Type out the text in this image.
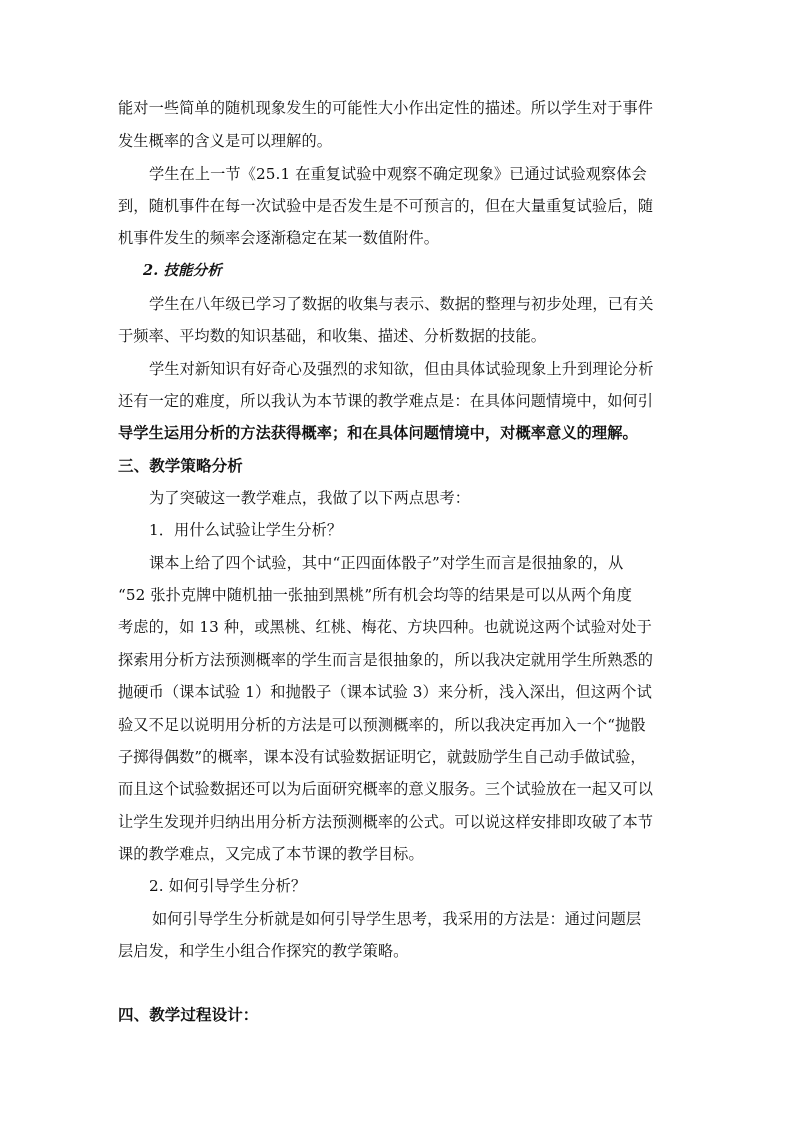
能对一些简单的随机现象发生的可能性大小作出定性的描述。所以学生对于事件
发生概率的含义是可以理解的。
学生在上一节《25.1 在重复试验中观察不确定现象》已通过试验观察体会
到，随机事件在每一次试验中是否发生是不可预言的，但在大量重复试验后，随
机事件发生的频率会逐渐稳定在某一数值附件。
2. 技能分析
学生在八年级已学习了数据的收集与表示、数据的整理与初步处理，已有关
于频率、平均数的知识基础，和收集、描述、分析数据的技能。
学生对新知识有好奇心及强烈的求知欲，但由具体试验现象上升到理论分析
还有一定的难度，所以我认为本节课的教学难点是：在具体问题情境中，如何引
导学生运用分析的方法获得概率；和在具体问题情境中，对概率意义的理解。
三、教学策略分析
为了突破这一教学难点，我做了以下两点思考：
1．用什么试验让学生分析？
课本上给了四个试验，其中“正四面体骰子”对学生而言是很抽象的，从
“52 张扑克牌中随机抽一张抽到黑桃”所有机会均等的结果是可以从两个角度
考虑的，如 13 种，或黑桃、红桃、梅花、方块四种。也就说这两个试验对处于
探索用分析方法预测概率的学生而言是很抽象的，所以我决定就用学生所熟悉的
抛硬币（课本试验 1）和抛骰子（课本试验 3）来分析，浅入深出，但这两个试
验又不足以说明用分析的方法是可以预测概率的，所以我决定再加入一个“抛骰
子掷得偶数”的概率，课本没有试验数据证明它，就鼓励学生自己动手做试验，
而且这个试验数据还可以为后面研究概率的意义服务。三个试验放在一起又可以
让学生发现并归纳出用分析方法预测概率的公式。可以说这样安排即攻破了本节
课的教学难点，又完成了本节课的教学目标。
2. 如何引导学生分析？
如何引导学生分析就是如何引导学生思考，我采用的方法是：通过问题层
层启发，和学生小组合作探究的教学策略。
四、教学过程设计：
